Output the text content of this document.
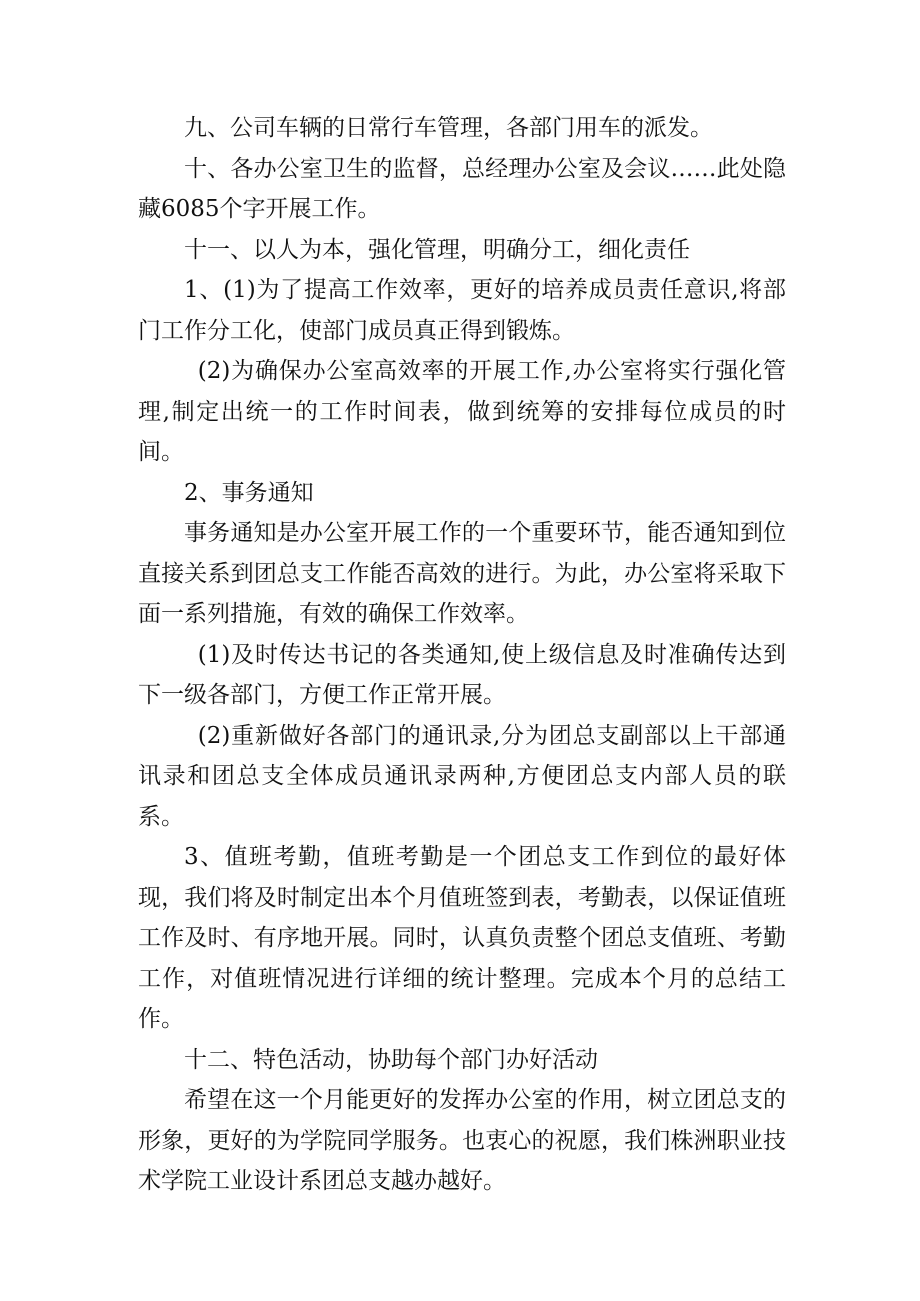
九、公司车辆的日常行车管理，各部门用车的派发。

十、各办公室卫生的监督，总经理办公室及会议……此处隐藏6085个字开展工作。

十一、以人为本，强化管理，明确分工，细化责任

1、(1)为了提高工作效率，更好的培养成员责任意识,将部门工作分工化，使部门成员真正得到锻炼。

(2)为确保办公室高效率的开展工作,办公室将实行强化管理,制定出统一的工作时间表，做到统筹的安排每位成员的时间。

2、事务通知

事务通知是办公室开展工作的一个重要环节，能否通知到位直接关系到团总支工作能否高效的进行。为此，办公室将采取下面一系列措施，有效的确保工作效率。

(1)及时传达书记的各类通知,使上级信息及时准确传达到下一级各部门，方便工作正常开展。

(2)重新做好各部门的通讯录,分为团总支副部以上干部通讯录和团总支全体成员通讯录两种,方便团总支内部人员的联系。

3、值班考勤，值班考勤是一个团总支工作到位的最好体现，我们将及时制定出本个月值班签到表，考勤表，以保证值班工作及时、有序地开展。同时，认真负责整个团总支值班、考勤工作，对值班情况进行详细的统计整理。完成本个月的总结工作。

十二、特色活动，协助每个部门办好活动

希望在这一个月能更好的发挥办公室的作用，树立团总支的形象，更好的为学院同学服务。也衷心的祝愿，我们株洲职业技术学院工业设计系团总支越办越好。
